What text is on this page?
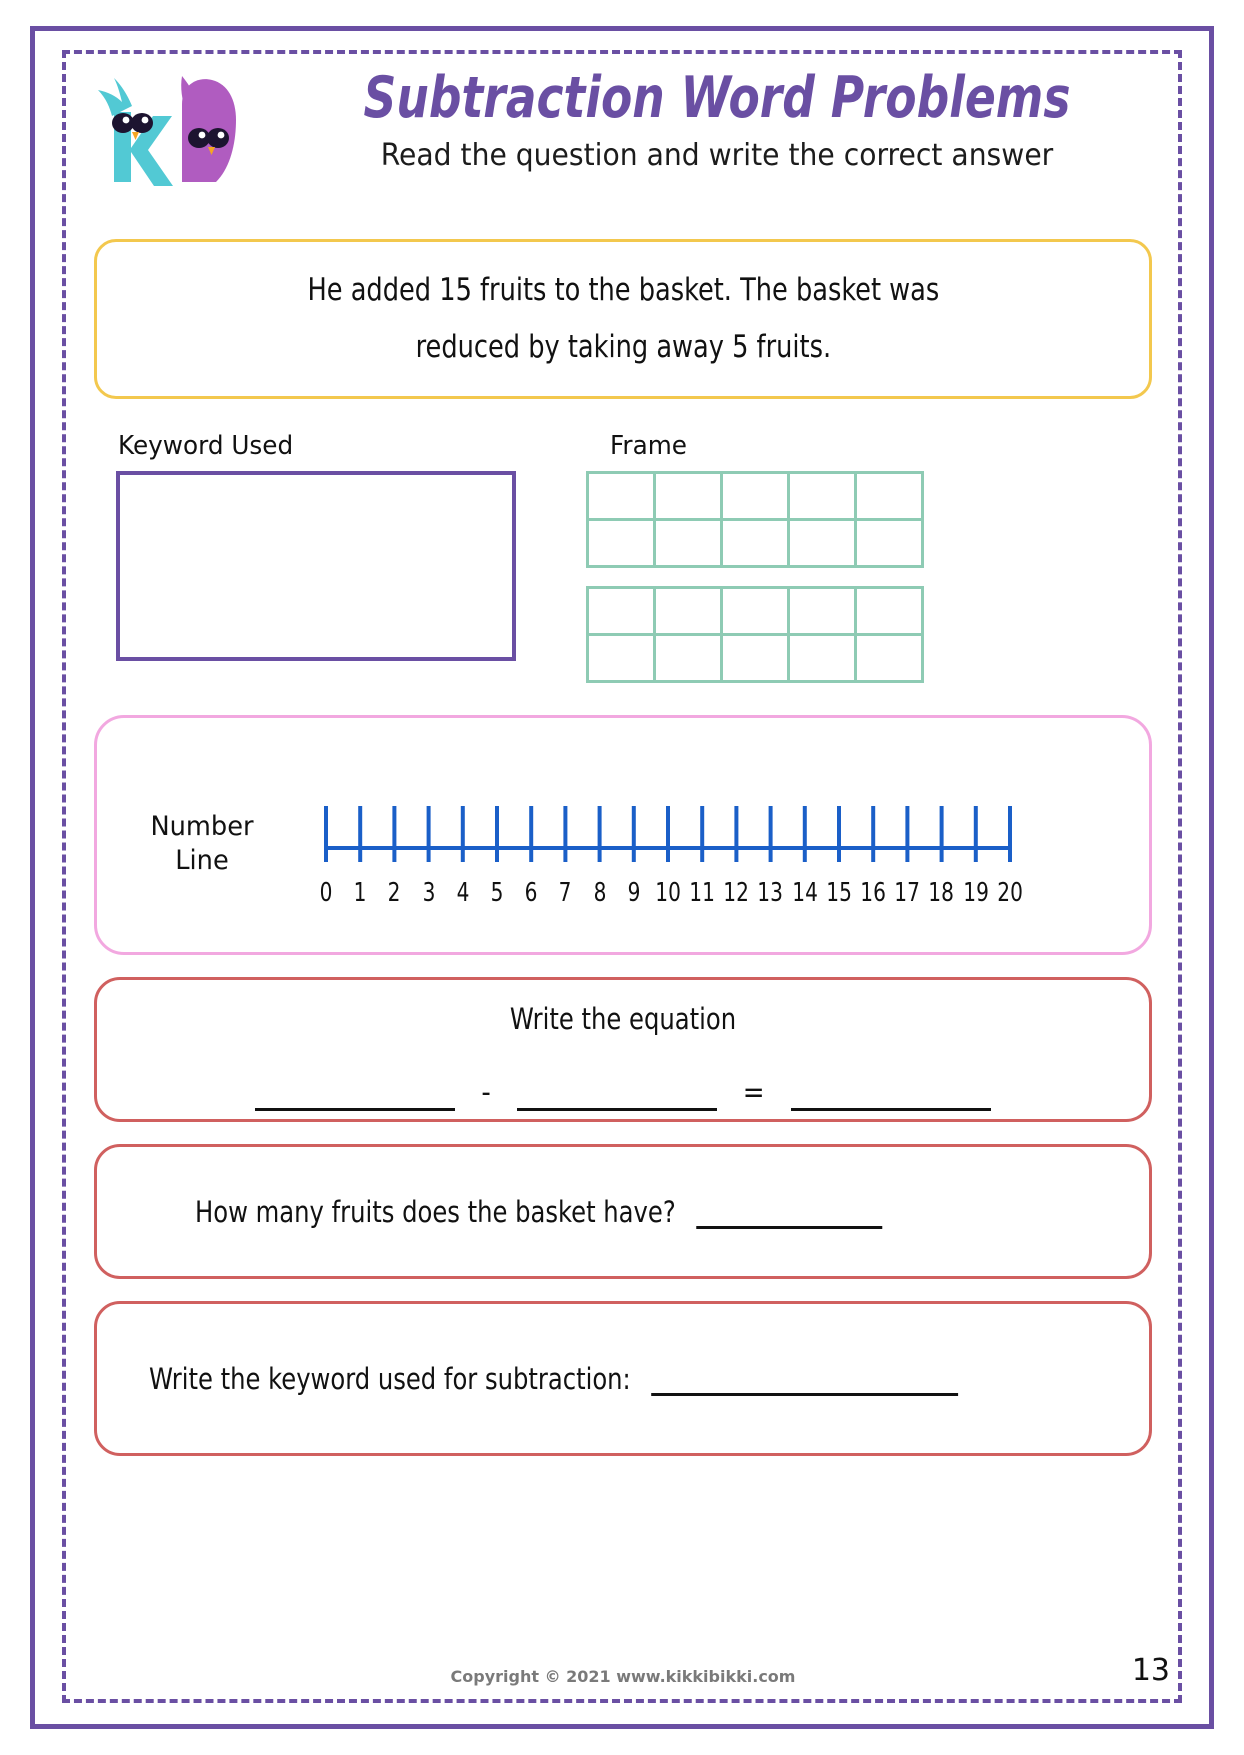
Subtraction Word Problems
Read the question and write the correct answer
He added 15 fruits to the basket. The basket was
reduced by taking away 5 fruits.
Keyword Used	Frame
Number
Line
0 1 2 3 4 5 6 7 8 9 10 11 12 13 14 15 16 17 18 19 20
Write the equation
-	=
How many fruits does the basket have?
Write the keyword used for subtraction:
Copyright © 2021 www.kikkibikki.com	13
